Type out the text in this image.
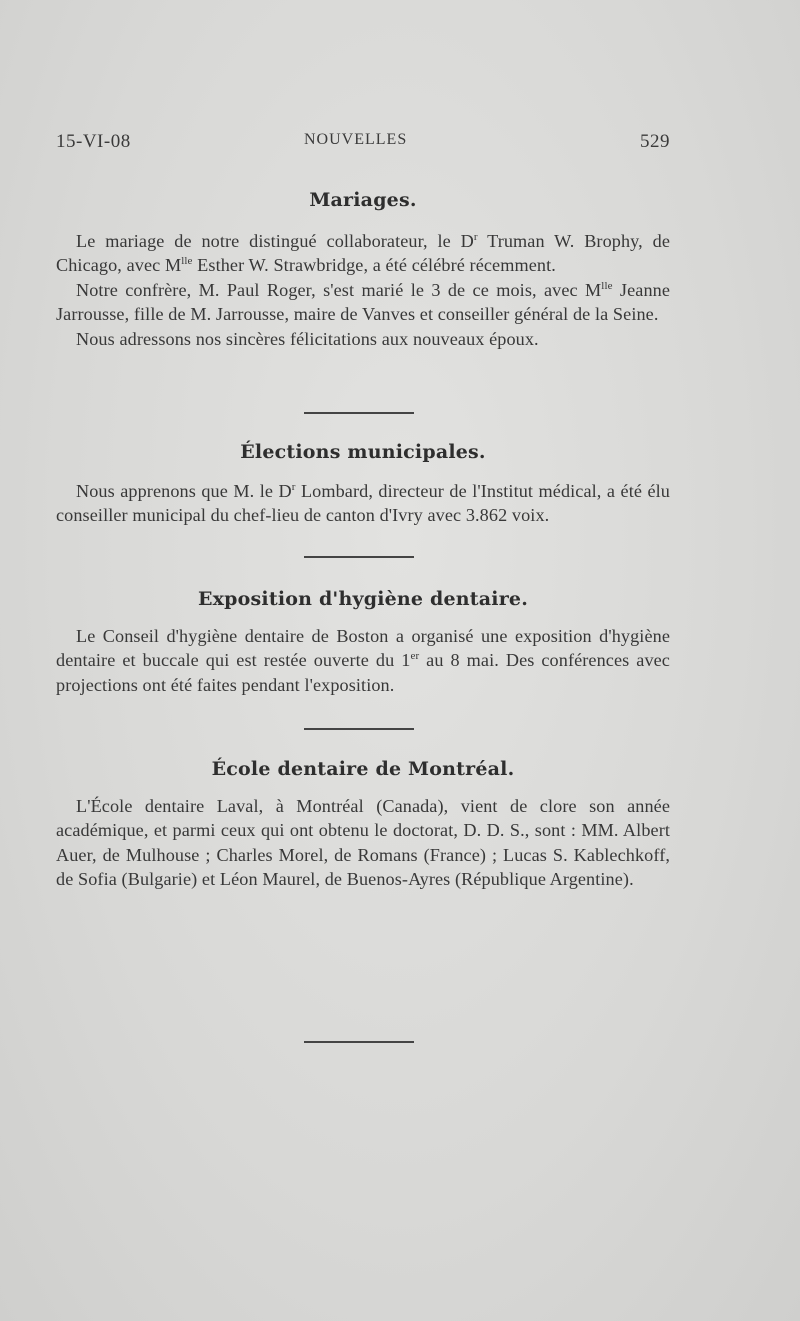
15-VI-08	NOUVELLES	529
Mariages.

Le mariage de notre distingué collaborateur, le $D^r$ Truman W. Brophy, de Chicago, avec $M^{lle}$ Esther W. Strawbridge, a été célébré récemment.

Notre confrère, M. Paul Roger, s'est marié le 3 de ce mois, avec $M^{lle}$ Jeanne Jarrousse, fille de M. Jarrousse, maire de Vanves et conseiller général de la Seine.

Nous adressons nos sincères félicitations aux nouveaux époux.

Élections municipales.

Nous apprenons que M. le $D^r$ Lombard, directeur de l'Institut médical, a été élu conseiller municipal du chef-lieu de canton d'Ivry avec 3.862 voix.

Exposition d'hygiène dentaire.

Le Conseil d'hygiène dentaire de Boston a organisé une exposition d'hygiène dentaire et buccale qui est restée ouverte du 1er au 8 mai. Des conférences avec projections ont été faites pendant l'exposition.

École dentaire de Montréal.

L'École dentaire Laval, à Montréal (Canada), vient de clore son année académique, et parmi ceux qui ont obtenu le doctorat, D. D. S., sont : MM. Albert Auer, de Mulhouse ; Charles Morel, de Romans (France) ; Lucas S. Kablechkoff, de Sofia (Bulgarie) et Léon Maurel, de Buenos-Ayres (République Argentine).
